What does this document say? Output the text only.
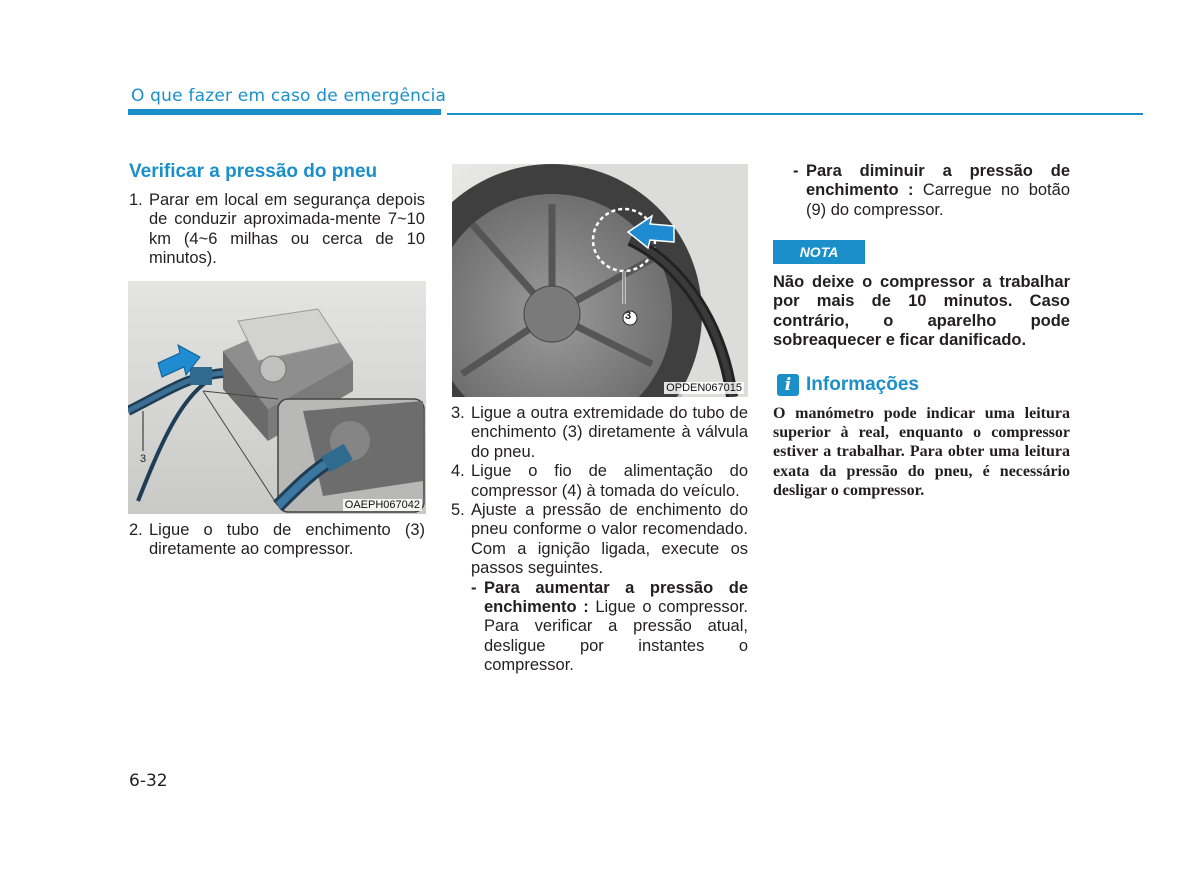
O que fazer em caso de emergência
Verificar a pressão do pneu
1. Parar em local em segurança depois de conduzir aproximada-mente 7~10 km (4~6 milhas ou cerca de 10 minutos).
3
OAEPH067042
2. Ligue o tubo de enchimento (3) diretamente ao compressor.
3
OPDEN067015
3. Ligue a outra extremidade do tubo de enchimento (3) diretamente à válvula do pneu.
4. Ligue o fio de alimentação do compressor (4) à tomada do veículo.
5. Ajuste a pressão de enchimento do pneu conforme o valor recomendado. Com a ignição ligada, execute os passos seguintes.
- Para aumentar a pressão de enchimento : Ligue o compressor. Para verificar a pressão atual, desligue por instantes o compressor.
- Para diminuir a pressão de enchimento : Carregue no botão (9) do compressor.
NOTA
Não deixe o compressor a trabalhar por mais de 10 minutos. Caso contrário, o aparelho pode sobreaquecer e ficar danificado.
i Informações
O manómetro pode indicar uma leitura superior à real, enquanto o compressor estiver a trabalhar. Para obter uma leitura exata da pressão do pneu, é necessário desligar o compressor.
6-32
